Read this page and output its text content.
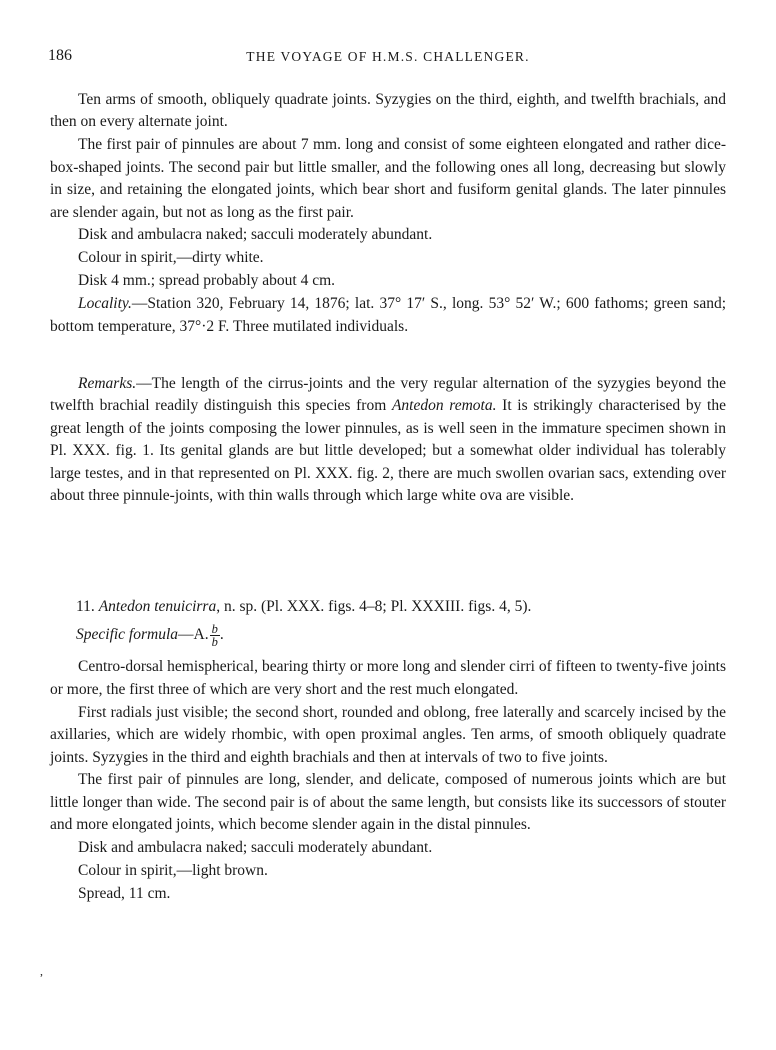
186	THE VOYAGE OF H.M.S. CHALLENGER.

Ten arms of smooth, obliquely quadrate joints. Syzygies on the third, eighth, and twelfth brachials, and then on every alternate joint.

The first pair of pinnules are about 7 mm. long and consist of some eighteen elongated and rather dice-box-shaped joints. The second pair but little smaller, and the following ones all long, decreasing but slowly in size, and retaining the elongated joints, which bear short and fusiform genital glands. The later pinnules are slender again, but not as long as the first pair.

Disk and ambulacra naked; sacculi moderately abundant.

Colour in spirit,—dirty white.

Disk 4 mm.; spread probably about 4 cm.

Locality.—Station 320, February 14, 1876; lat. 37° 17′ S., long. 53° 52′ W.; 600 fathoms; green sand; bottom temperature, 37°·2 F. Three mutilated individuals.

Remarks.—The length of the cirrus-joints and the very regular alternation of the syzygies beyond the twelfth brachial readily distinguish this species from Antedon remota. It is strikingly characterised by the great length of the joints composing the lower pinnules, as is well seen in the immature specimen shown in Pl. XXX. fig. 1. Its genital glands are but little developed; but a somewhat older individual has tolerably large testes, and in that represented on Pl. XXX. fig. 2, there are much swollen ovarian sacs, extending over about three pinnule-joints, with thin walls through which large white ova are visible.

11. Antedon tenuicirra, n. sp. (Pl. XXX. figs. 4–8; Pl. XXXIII. figs. 4, 5).

Specific formula—A. $\frac{b}{b}$ .

Centro-dorsal hemispherical, bearing thirty or more long and slender cirri of fifteen to twenty-five joints or more, the first three of which are very short and the rest much elongated.

First radials just visible; the second short, rounded and oblong, free laterally and scarcely incised by the axillaries, which are widely rhombic, with open proximal angles. Ten arms, of smooth obliquely quadrate joints. Syzygies in the third and eighth brachials and then at intervals of two to five joints.

The first pair of pinnules are long, slender, and delicate, composed of numerous joints which are but little longer than wide. The second pair is of about the same length, but consists like its successors of stouter and more elongated joints, which become slender again in the distal pinnules.

Disk and ambulacra naked; sacculi moderately abundant.

Colour in spirit,—light brown.

Spread, 11 cm.

,
